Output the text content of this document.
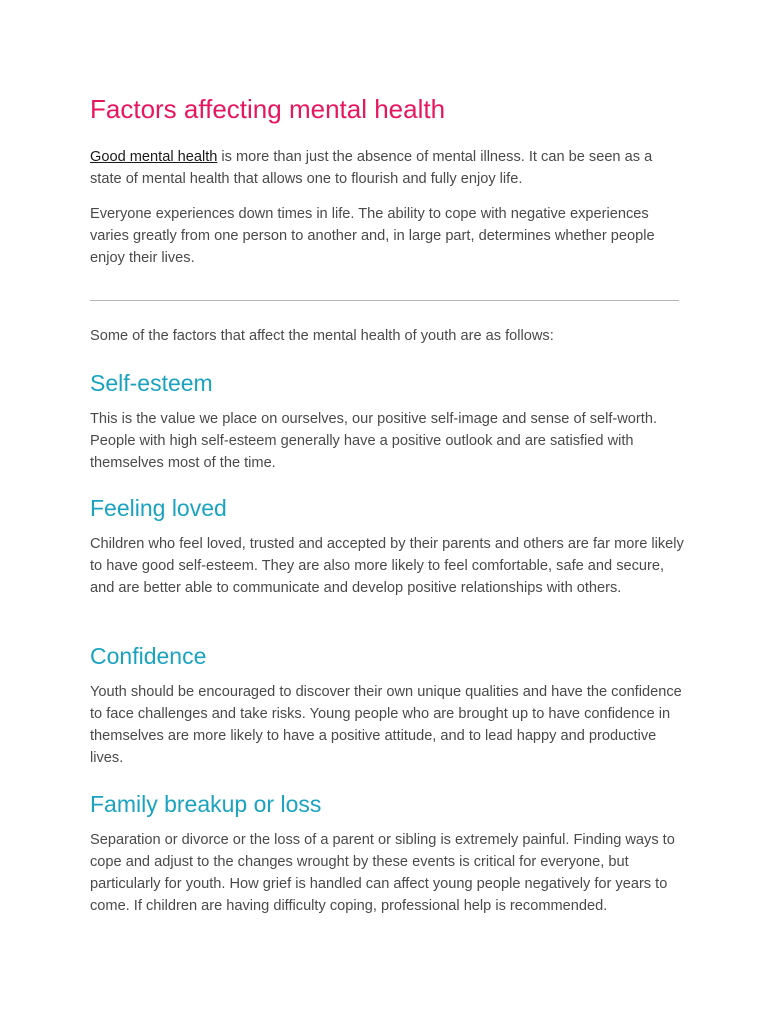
Factors affecting mental health

Good mental health is more than just the absence of mental illness. It can be seen as a state of mental health that allows one to flourish and fully enjoy life.

Everyone experiences down times in life. The ability to cope with negative experiences varies greatly from one person to another and, in large part, determines whether people enjoy their lives.

Some of the factors that affect the mental health of youth are as follows:

Self-esteem

This is the value we place on ourselves, our positive self-image and sense of self-worth. People with high self-esteem generally have a positive outlook and are satisfied with themselves most of the time.

Feeling loved

Children who feel loved, trusted and accepted by their parents and others are far more likely to have good self-esteem. They are also more likely to feel comfortable, safe and secure, and are better able to communicate and develop positive relationships with others.

Confidence

Youth should be encouraged to discover their own unique qualities and have the confidence to face challenges and take risks. Young people who are brought up to have confidence in themselves are more likely to have a positive attitude, and to lead happy and productive lives.

Family breakup or loss

Separation or divorce or the loss of a parent or sibling is extremely painful. Finding ways to cope and adjust to the changes wrought by these events is critical for everyone, but particularly for youth. How grief is handled can affect young people negatively for years to come. If children are having difficulty coping, professional help is recommended.
